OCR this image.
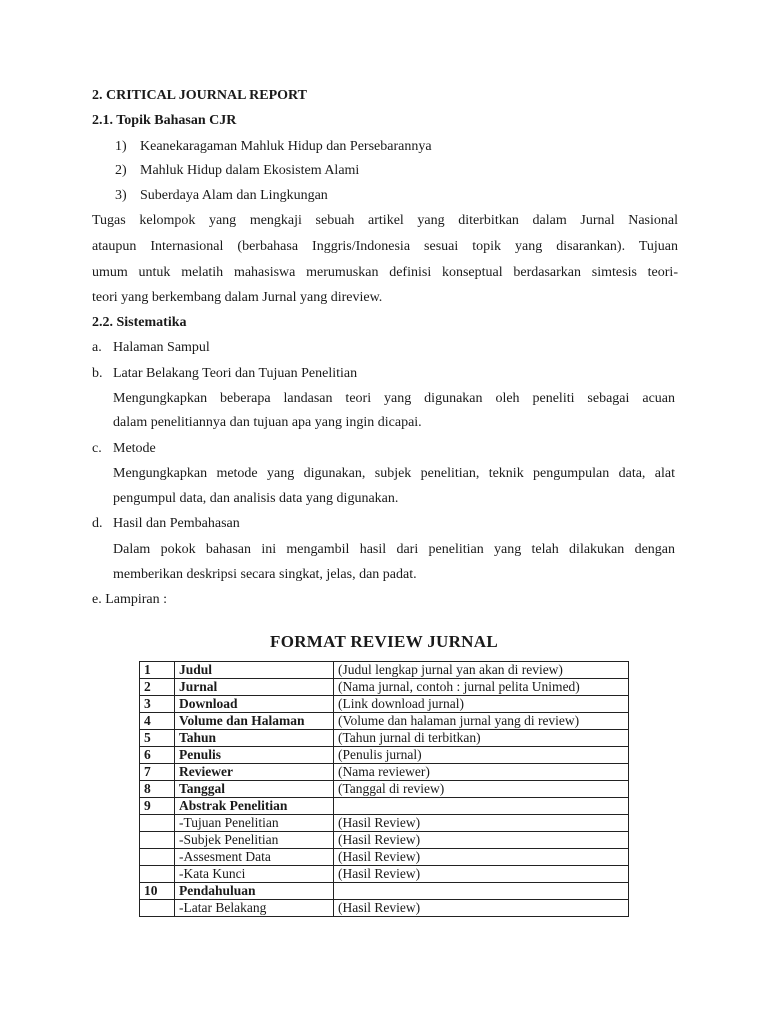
2. CRITICAL JOURNAL REPORT
2.1. Topik Bahasan CJR
1) Keanekaragaman Mahluk Hidup dan Persebarannya
2) Mahluk Hidup dalam Ekosistem Alami
3) Suberdaya Alam dan Lingkungan
Tugas kelompok yang mengkaji sebuah artikel yang diterbitkan dalam Jurnal Nasional
ataupun Internasional (berbahasa Inggris/Indonesia sesuai topik yang disarankan). Tujuan
umum untuk melatih mahasiswa merumuskan definisi konseptual berdasarkan simtesis teori-
teori yang berkembang dalam Jurnal yang direview.
2.2. Sistematika
a. Halaman Sampul
b. Latar Belakang Teori dan Tujuan Penelitian
Mengungkapkan beberapa landasan teori yang digunakan oleh peneliti sebagai acuan
dalam penelitiannya dan tujuan apa yang ingin dicapai.
c. Metode
Mengungkapkan metode yang digunakan, subjek penelitian, teknik pengumpulan data, alat
pengumpul data, dan analisis data yang digunakan.
d. Hasil dan Pembahasan
Dalam pokok bahasan ini mengambil hasil dari penelitian yang telah dilakukan dengan
memberikan deskripsi secara singkat, jelas, dan padat.
e. Lampiran :
FORMAT REVIEW JURNAL
1	Judul	(Judul lengkap jurnal yan akan di review)
2	Jurnal	(Nama jurnal, contoh : jurnal pelita Unimed)
3	Download	(Link download jurnal)
4	Volume dan Halaman	(Volume dan halaman jurnal yang di review)
5	Tahun	(Tahun jurnal di terbitkan)
6	Penulis	(Penulis jurnal)
7	Reviewer	(Nama reviewer)
8	Tanggal	(Tanggal di review)
9	Abstrak Penelitian	
	-Tujuan Penelitian	(Hasil Review)
	-Subjek Penelitian	(Hasil Review)
	-Assesment Data	(Hasil Review)
	-Kata Kunci	(Hasil Review)
10	Pendahuluan	
	-Latar Belakang	(Hasil Review)
